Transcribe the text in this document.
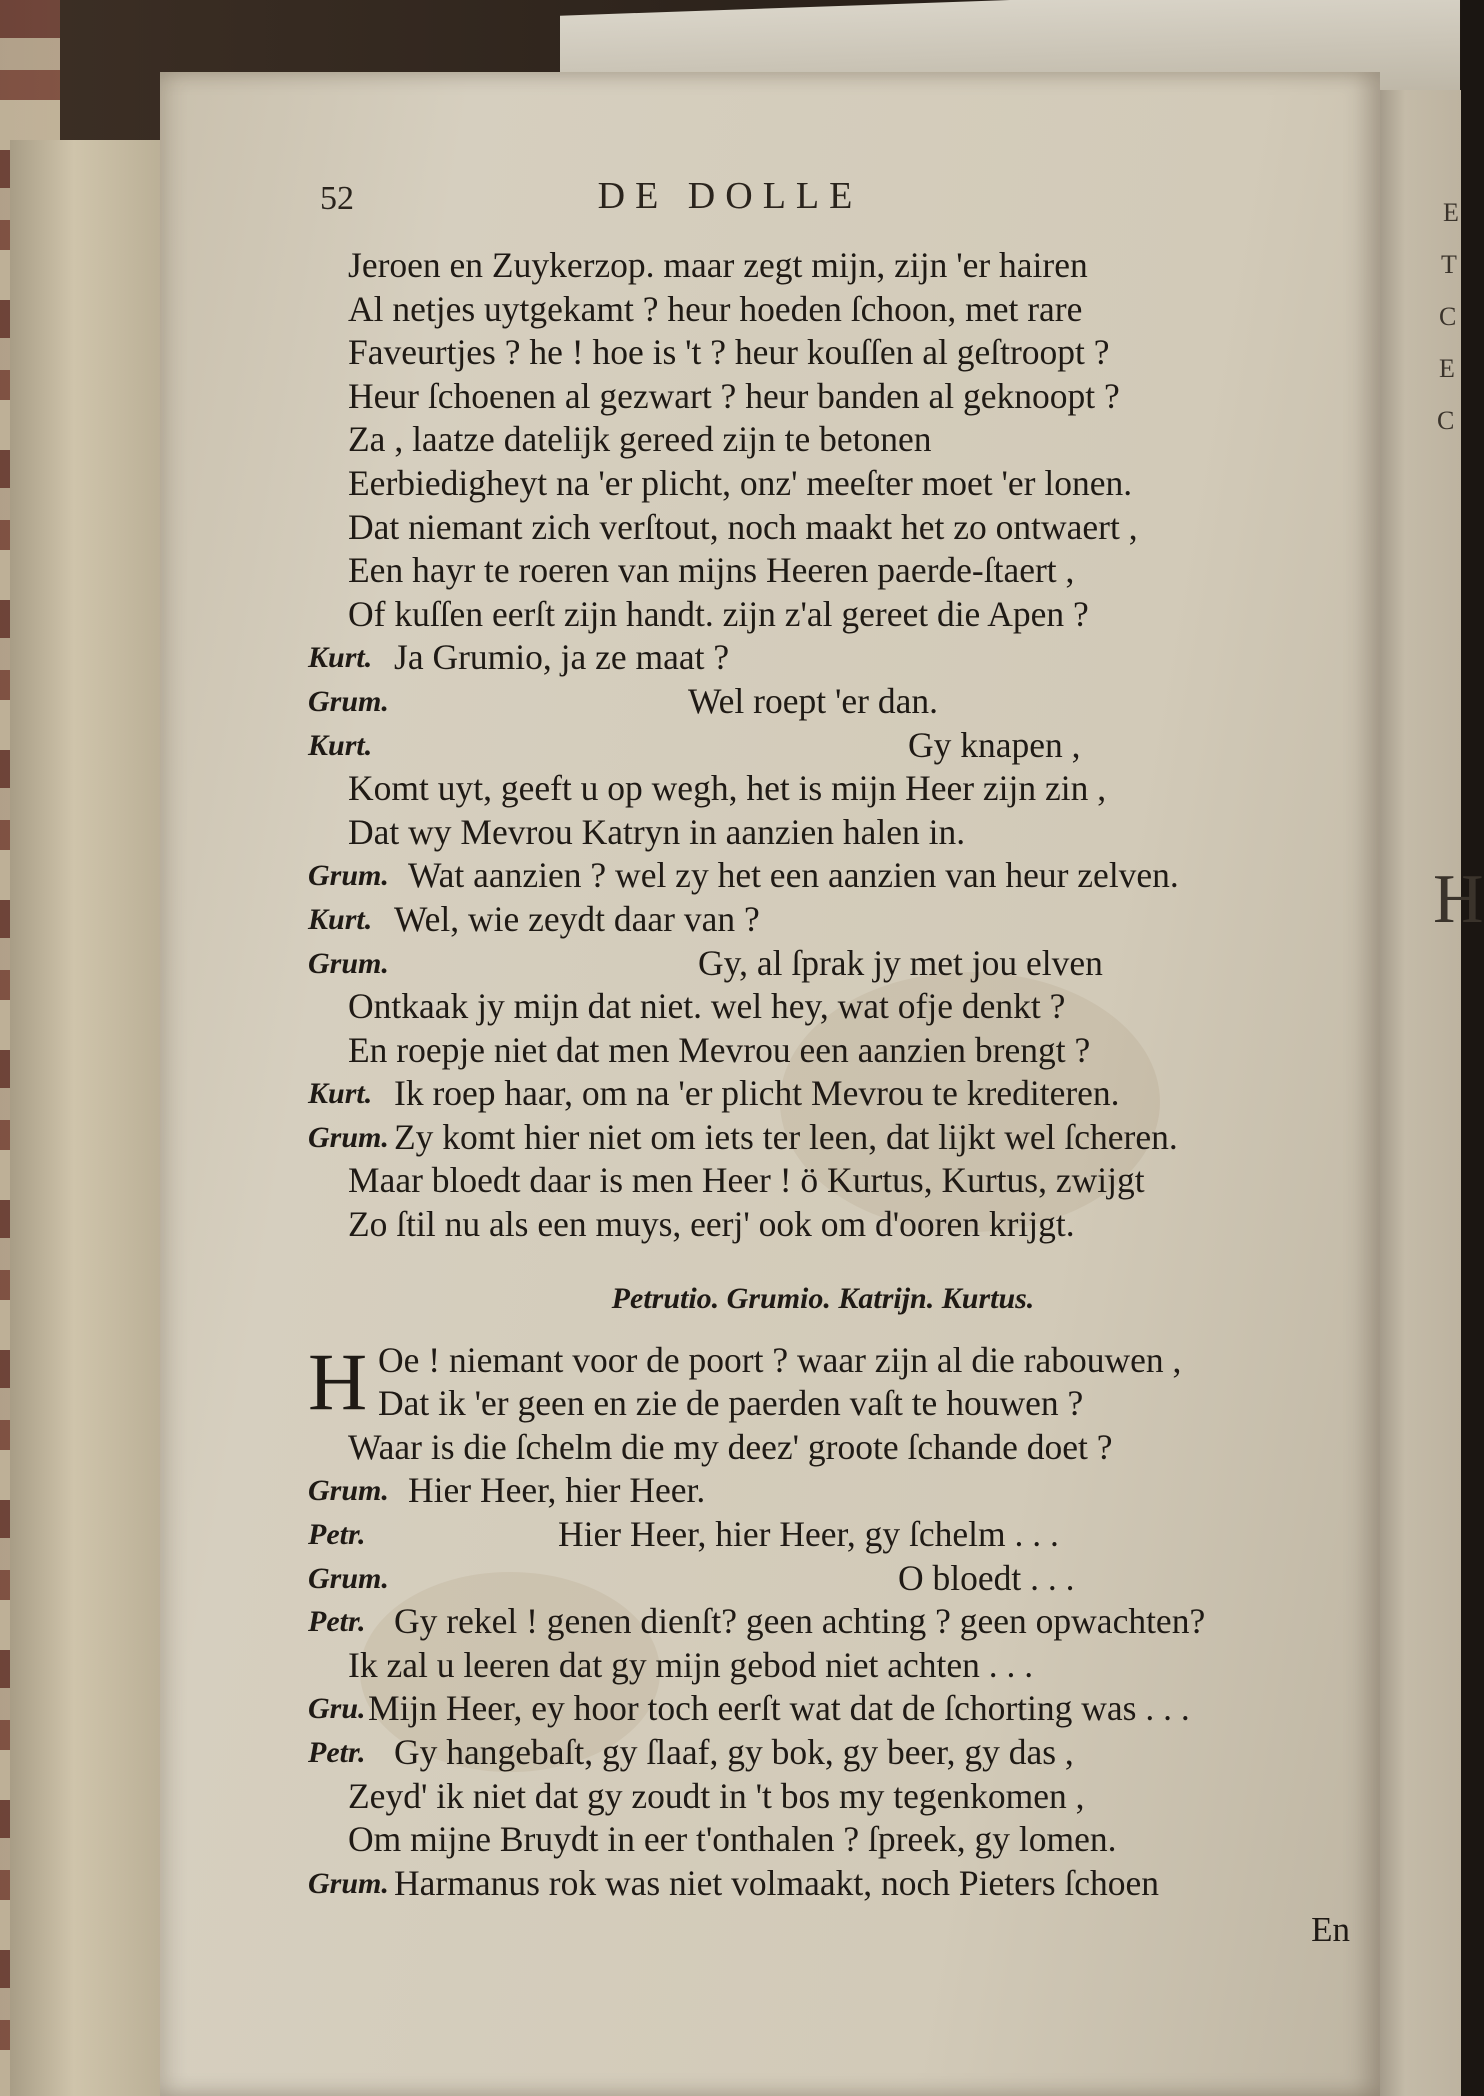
E
T
C
E
C
H
52	DE DOLLE
Jeroen en Zuykerzop. maar zegt mijn, zijn 'er hairen
Al netjes uytgekamt ? heur hoeden ſchoon, met rare
Faveurtjes ? he ! hoe is 't ? heur kouſſen al geſtroopt ?
Heur ſchoenen al gezwart ? heur banden al geknoopt ?
Za , laatze datelijk gereed zijn te betonen
Eerbiedigheyt na 'er plicht, onz' meeſter moet 'er lonen.
Dat niemant zich verſtout, noch maakt het zo ontwaert ,
Een hayr te roeren van mijns Heeren paerde-ſtaert ,
Of kuſſen eerſt zijn handt. zijn z'al gereet die Apen ?
Kurt. Ja Grumio, ja ze maat ?
Grum.	Wel roept 'er dan.
Kurt.	Gy knapen ,
Komt uyt, geeft u op wegh, het is mijn Heer zijn zin ,
Dat wy Mevrou Katryn in aanzien halen in.
Grum. Wat aanzien ? wel zy het een aanzien van heur zelven.
Kurt. Wel, wie zeydt daar van ?
Grum.	Gy, al ſprak jy met jou elven
Ontkaak jy mijn dat niet. wel hey, wat ofje denkt ?
En roepje niet dat men Mevrou een aanzien brengt ?
Kurt. Ik roep haar, om na 'er plicht Mevrou te krediteren.
Grum. Zy komt hier niet om iets ter leen, dat lijkt wel ſcheren.
Maar bloedt daar is men Heer ! ö Kurtus, Kurtus, zwijgt
Zo ſtil nu als een muys, eerj' ook om d'ooren krijgt.
Petrutio. Grumio. Katrijn. Kurtus.
H Oe ! niemant voor de poort ? waar zijn al die rabouwen ,
Dat ik 'er geen en zie de paerden vaſt te houwen ?
Waar is die ſchelm die my deez' groote ſchande doet ?
Grum. Hier Heer, hier Heer.
Petr.	Hier Heer, hier Heer, gy ſchelm . . .
Grum.	O bloedt . . .
Petr. Gy rekel ! genen dienſt? geen achting ? geen opwachten?
Ik zal u leeren dat gy mijn gebod niet achten . . .
Gru. Mijn Heer, ey hoor toch eerſt wat dat de ſchorting was . . .
Petr. Gy hangebaſt, gy ſlaaf, gy bok, gy beer, gy das ,
Zeyd' ik niet dat gy zoudt in 't bos my tegenkomen ,
Om mijne Bruydt in eer t'onthalen ? ſpreek, gy lomen.
Grum. Harmanus rok was niet volmaakt, noch Pieters ſchoen
En
